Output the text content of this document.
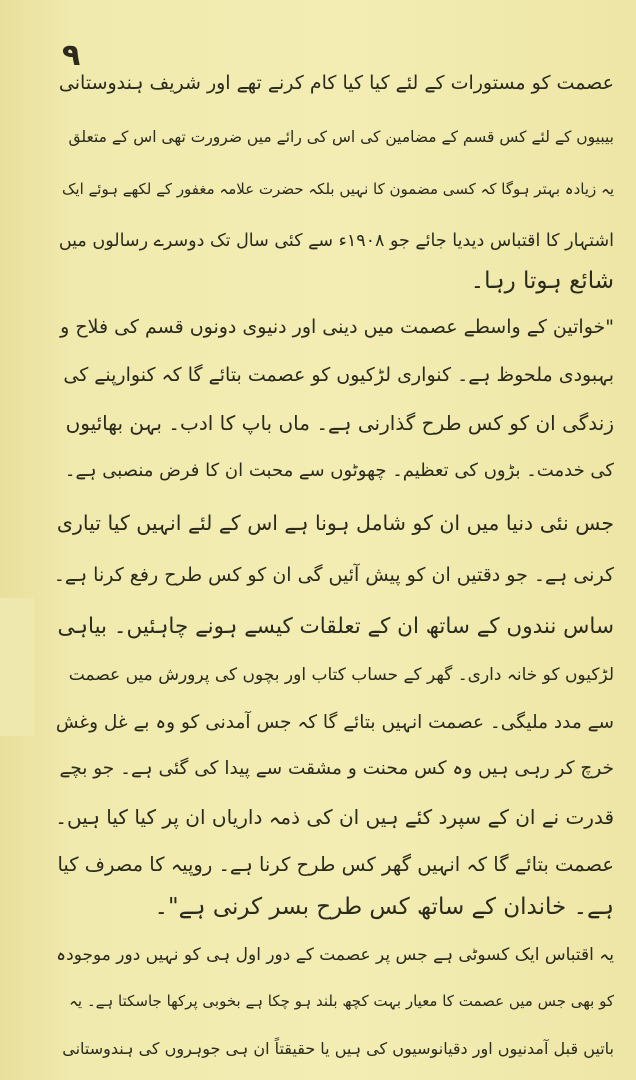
۹
عصمت کو مستورات کے لئے کیا کیا کام کرنے تھے اور شریف ہندوستانی
بیبیوں کے لئے کس قسم کے مضامین کی اس کی رائے میں ضرورت تھی اس کے متعلق
یہ زیادہ بہتر ہوگا کہ کسی مضمون کا نہیں بلکہ حضرت علامہ مغفور کے لکھے ہوئے ایک
اشتہار کا اقتباس دیدیا جائے جو ۱۹۰۸ء سے کئی سال تک دوسرے رسالوں میں
شائع ہوتا رہا۔
"خواتین کے واسطے عصمت میں دینی اور دنیوی دونوں قسم کی فلاح و
بہبودی ملحوظ ہے۔ کنواری لڑکیوں کو عصمت بتائے گا کہ کنوارپنے کی
زندگی ان کو کس طرح گذارنی ہے۔ ماں باپ کا ادب۔ بہن بھائیوں
کی خدمت۔ بڑوں کی تعظیم۔ چھوٹوں سے محبت ان کا فرض منصبی ہے۔
جس نئی دنیا میں ان کو شامل ہونا ہے اس کے لئے انہیں کیا تیاری
کرنی ہے۔ جو دقتیں ان کو پیش آئیں گی ان کو کس طرح رفع کرنا ہے۔
ساس نندوں کے ساتھ ان کے تعلقات کیسے ہونے چاہئیں۔ بیاہی
لڑکیوں کو خانہ داری۔ گھر کے حساب کتاب اور بچوں کی پرورش میں عصمت
سے مدد ملیگی۔ عصمت انہیں بتائے گا کہ جس آمدنی کو وہ بے غل وغش
خرچ کر رہی ہیں وہ کس محنت و مشقت سے پیدا کی گئی ہے۔ جو بچے
قدرت نے ان کے سپرد کئے ہیں ان کی ذمہ داریاں ان پر کیا کیا ہیں۔
عصمت بتائے گا کہ انہیں گھر کس طرح کرنا ہے۔ روپیہ کا مصرف کیا
ہے۔ خاندان کے ساتھ کس طرح بسر کرنی ہے"۔
یہ اقتباس ایک کسوٹی ہے جس پر عصمت کے دور اول ہی کو نہیں دور موجودہ
کو بھی جس میں عصمت کا معیار بہت کچھ بلند ہو چکا ہے بخوبی پرکھا جاسکتا ہے۔ یہ
باتیں قبل آمدنیوں اور دقیانوسیوں کی ہیں یا حقیقتاً ان ہی جوہروں کی ہندوستانی
